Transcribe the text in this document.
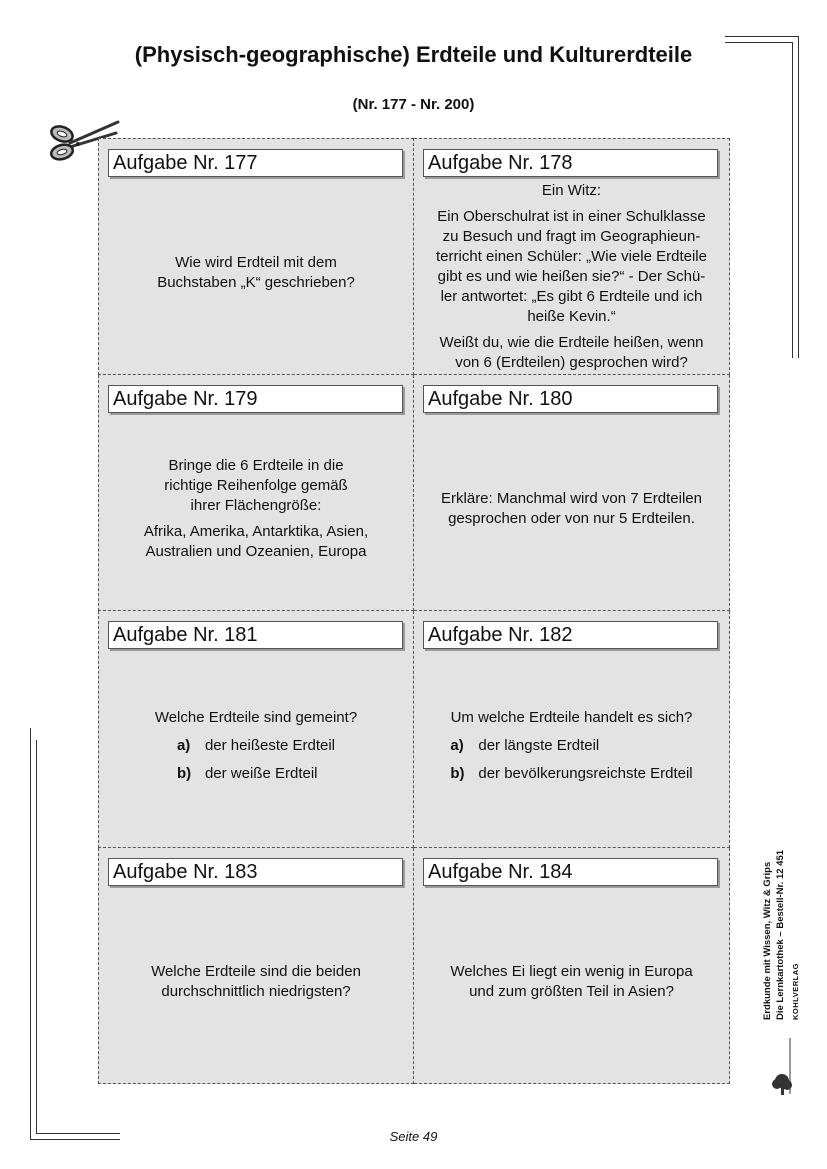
(Physisch-geographische) Erdteile und Kulturerdteile
(Nr. 177 - Nr. 200)
Aufgabe Nr. 177

Wie wird Erdteil mit dem

Buchstaben „K“ geschrieben?

Aufgabe Nr. 178

Ein Witz:

Ein Oberschulrat ist in einer Schulklasse

zu Besuch und fragt im Geographieun-

terricht einen Schüler: „Wie viele Erdteile

gibt es und wie heißen sie?“ - Der Schü-

ler antwortet: „Es gibt 6 Erdteile und ich

heiße Kevin.“

Weißt du, wie die Erdteile heißen, wenn

von 6 (Erdteilen) gesprochen wird?

Aufgabe Nr. 179

Bringe die 6 Erdteile in die

richtige Reihenfolge gemäß

ihrer Flächengröße:

Afrika, Amerika, Antarktika, Asien,

Australien und Ozeanien, Europa

Aufgabe Nr. 180

Erkläre: Manchmal wird von 7 Erdteilen

gesprochen oder von nur 5 Erdteilen.

Aufgabe Nr. 181

Welche Erdteile sind gemeint?

a) der heißeste Erdteil
b) der weiße Erdteil
Aufgabe Nr. 182

Um welche Erdteile handelt es sich?

a) der längste Erdteil
b) der bevölkerungsreichste Erdteil
Aufgabe Nr. 183

Welche Erdteile sind die beiden

durchschnittlich niedrigsten?

Aufgabe Nr. 184

Welches Ei liegt ein wenig in Europa

und zum größten Teil in Asien?	Erdkunde mit Wissen, Witz & Grips Die Lernkartothek – Bestell-Nr. 12 451 KOHLVERLAG
Seite 49
